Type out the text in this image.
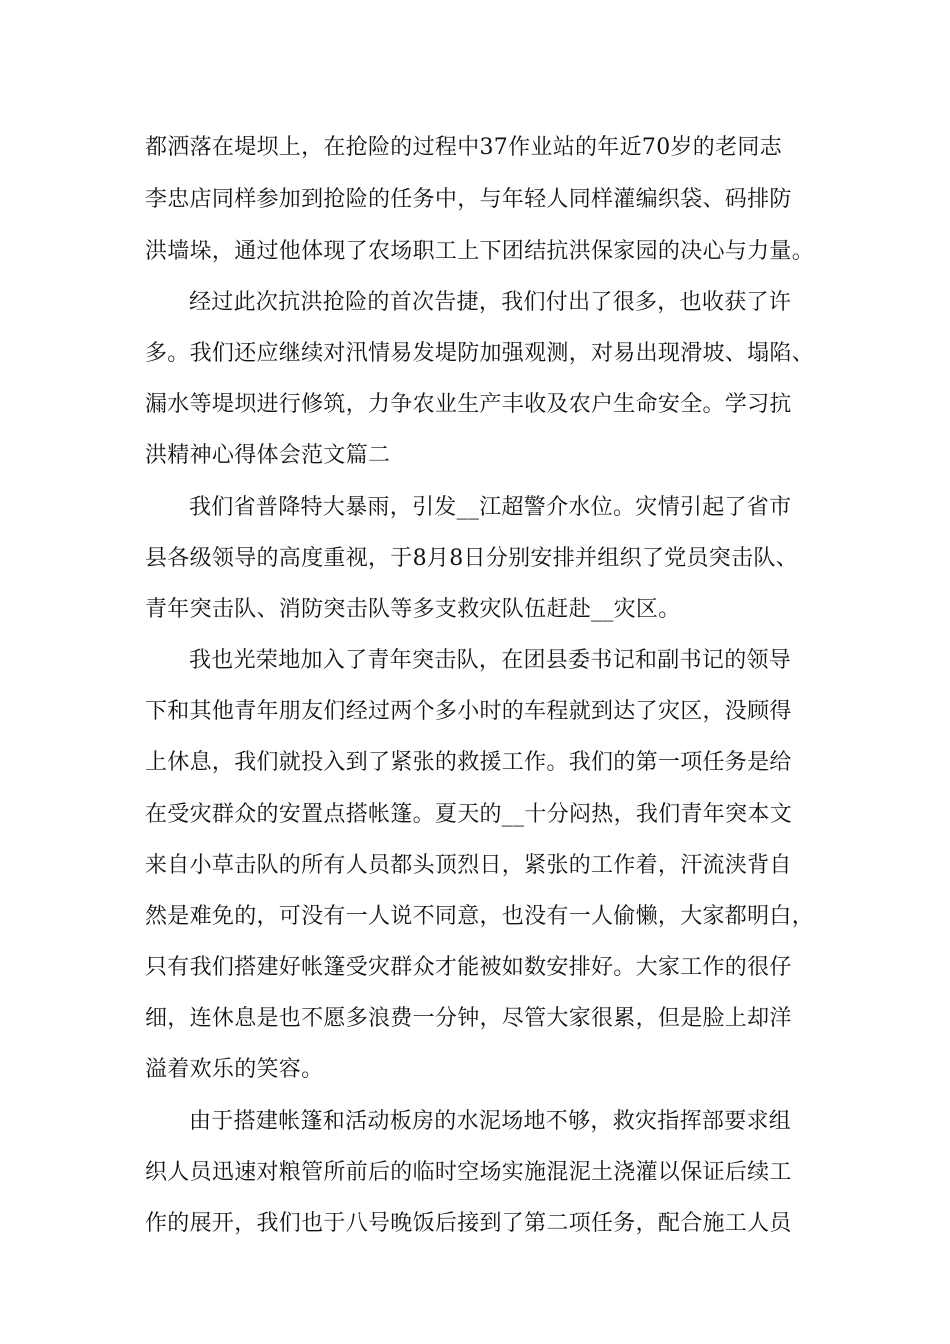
都洒落在堤坝上，在抢险的过程中37作业站的年近70岁的老同志
李忠店同样参加到抢险的任务中，与年轻人同样灌编织袋、码排防
洪墙垛，通过他体现了农场职工上下团结抗洪保家园的决心与力量。
经过此次抗洪抢险的首次告捷，我们付出了很多，也收获了许
多。我们还应继续对汛情易发堤防加强观测，对易出现滑坡、塌陷、
漏水等堤坝进行修筑，力争农业生产丰收及农户生命安全。学习抗
洪精神心得体会范文篇二
我们省普降特大暴雨，引发__江超警介水位。灾情引起了省市
县各级领导的高度重视，于8月8日分别安排并组织了党员突击队、
青年突击队、消防突击队等多支救灾队伍赶赴__灾区。
我也光荣地加入了青年突击队，在团县委书记和副书记的领导
下和其他青年朋友们经过两个多小时的车程就到达了灾区，没顾得
上休息，我们就投入到了紧张的救援工作。我们的第一项任务是给
在受灾群众的安置点搭帐篷。夏天的__十分闷热，我们青年突本文
来自小草击队的所有人员都头顶烈日，紧张的工作着，汗流浃背自
然是难免的，可没有一人说不同意，也没有一人偷懒，大家都明白，
只有我们搭建好帐篷受灾群众才能被如数安排好。大家工作的很仔
细，连休息是也不愿多浪费一分钟，尽管大家很累，但是脸上却洋
溢着欢乐的笑容。
由于搭建帐篷和活动板房的水泥场地不够，救灾指挥部要求组
织人员迅速对粮管所前后的临时空场实施混泥土浇灌以保证后续工
作的展开，我们也于八号晚饭后接到了第二项任务，配合施工人员
